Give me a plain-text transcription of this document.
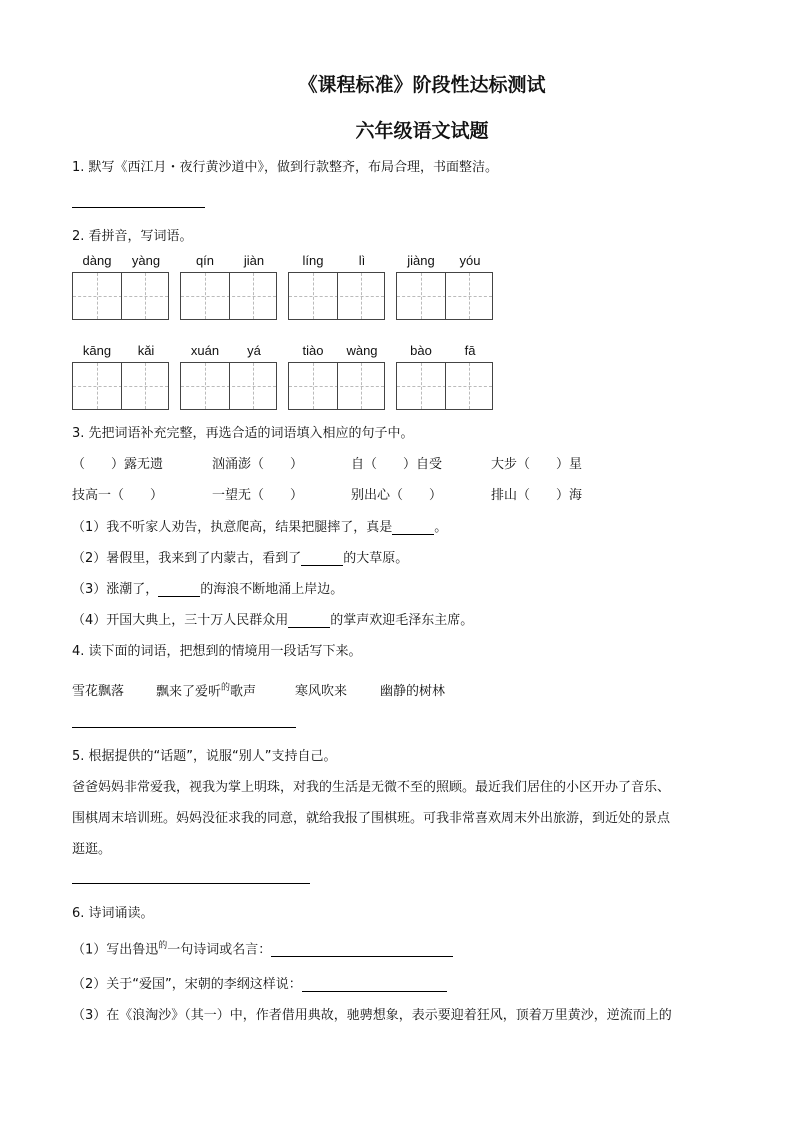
《课程标准》阶段性达标测试
六年级语文试题
1. 默写《西江月・夜行黄沙道中》，做到行款整齐，布局合理，书面整洁。
2. 看拼音，写词语。
dàng	yàng	qín	jiàn	líng	lì	jiàng	yóu
kāng	kǎi	xuán	yá	tiào	wàng	bào	fā
3. 先把词语补充完整，再选合适的词语填入相应的句子中。
（　　）露无遗	汹涌澎（　　）	自（　　）自受	大步（　　）星
技高一（　　）	一望无（　　）	别出心（　　）	排山（　　）海
（1）我不听家人劝告，执意爬高，结果把腿摔了，真是	。
（2）暑假里，我来到了内蒙古，看到了	的大草原。
（3）涨潮了，	的海浪不断地涌上岸边。
（4）开国大典上，三十万人民群众用	的掌声欢迎毛泽东主席。
4. 读下面的词语，把想到的情境用一段话写下来。
雪花飘落 飘来了爱听$^的$歌声	寒风吹来	幽静的树林
5. 根据提供的“话题”，说服“别人”支持自己。
爸爸妈妈非常爱我，视我为掌上明珠，对我的生活是无微不至的照顾。最近我们居住的小区开办了音乐、
围棋周末培训班。妈妈没征求我的同意，就给我报了围棋班。可我非常喜欢周末外出旅游，到近处的景点
逛逛。
6. 诗词诵读。
（1）写出鲁迅$^的$一句诗词或名言：
（2）关于“爱国”，宋朝的李纲这样说：
（3）在《浪淘沙》（其一）中，作者借用典故，驰骋想象，表示要迎着狂风，顶着万里黄沙，逆流而上的
